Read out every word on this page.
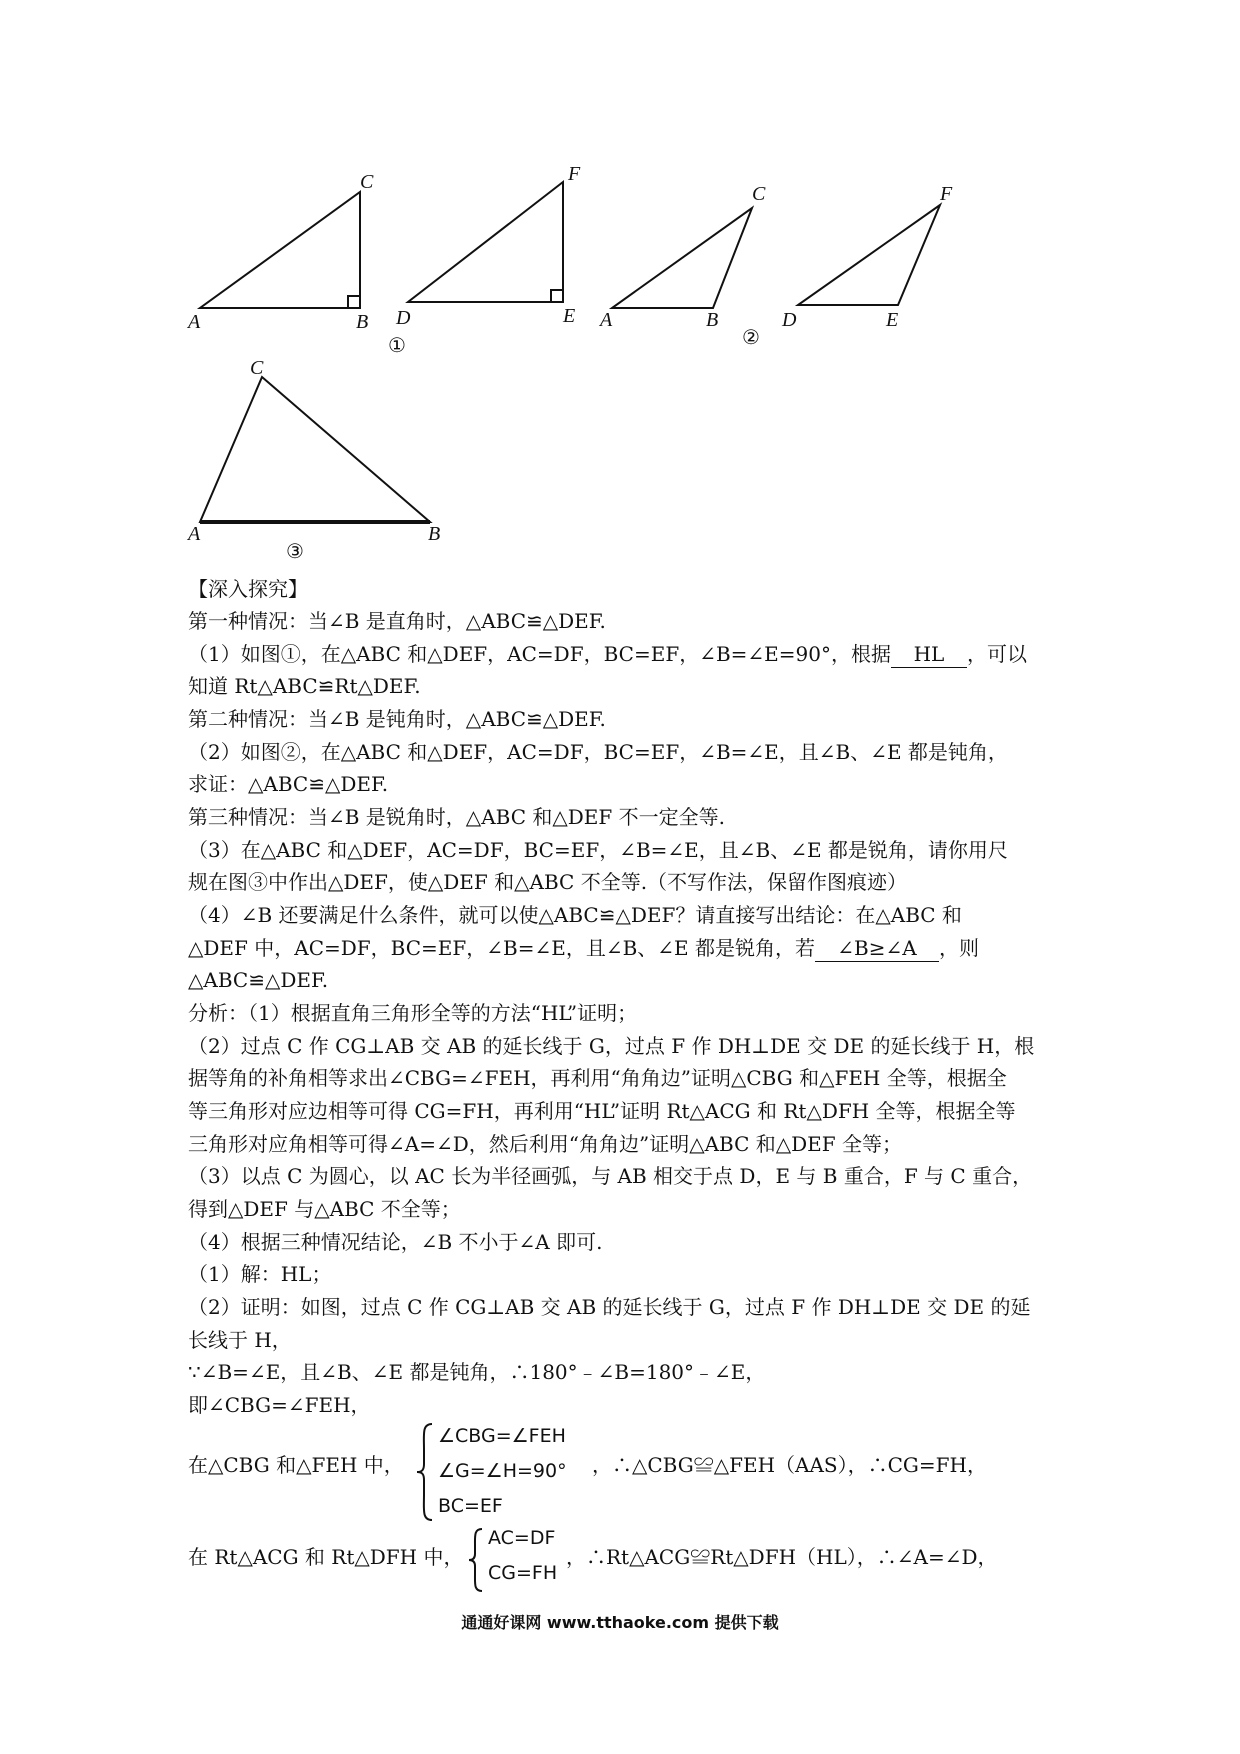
A	B
C
D	E
F
①
A	B
C
D	E
F
②
A	B
C
③
【深入探究】
第一种情况：当∠B 是直角时，△ABC≌△DEF.
（1）如图①，在△ABC 和△DEF，AC=DF，BC=EF，∠B=∠E=90°，根据 HL ，可以
知道 Rt△ABC≌Rt△DEF.
第二种情况：当∠B 是钝角时，△ABC≌△DEF.
（2）如图②，在△ABC 和△DEF，AC=DF，BC=EF，∠B=∠E，且∠B、∠E 都是钝角，
求证：△ABC≌△DEF.
第三种情况：当∠B 是锐角时，△ABC 和△DEF 不一定全等.
（3）在△ABC 和△DEF，AC=DF，BC=EF，∠B=∠E，且∠B、∠E 都是锐角，请你用尺
规在图③中作出△DEF，使△DEF 和△ABC 不全等.（不写作法，保留作图痕迹）
（4）∠B 还要满足什么条件，就可以使△ABC≌△DEF？请直接写出结论：在△ABC 和
△DEF 中，AC=DF，BC=EF，∠B=∠E，且∠B、∠E 都是锐角，若 ∠B≥∠A ，则
△ABC≌△DEF.
分析：（1）根据直角三角形全等的方法“HL”证明；
（2）过点 C 作 CG⊥AB 交 AB 的延长线于 G，过点 F 作 DH⊥DE 交 DE 的延长线于 H，根
据等角的补角相等求出∠CBG=∠FEH，再利用“角角边”证明△CBG 和△FEH 全等，根据全
等三角形对应边相等可得 CG=FH，再利用“HL”证明 Rt△ACG 和 Rt△DFH 全等，根据全等
三角形对应角相等可得∠A=∠D，然后利用“角角边”证明△ABC 和△DEF 全等；
（3）以点 C 为圆心，以 AC 长为半径画弧，与 AB 相交于点 D，E 与 B 重合，F 与 C 重合，
得到△DEF 与△ABC 不全等；
（4）根据三种情况结论，∠B 不小于∠A 即可.
（1）解：HL；
（2）证明：如图，过点 C 作 CG⊥AB 交 AB 的延长线于 G，过点 F 作 DH⊥DE 交 DE 的延
长线于 H，
∵∠B=∠E，且∠B、∠E 都是钝角，∴180°﹣∠B=180°﹣∠E，
即∠CBG=∠FEH，
在△CBG 和△FEH 中，
∠CBG=∠FEH
∠G=∠H=90°
BC=EF
，∴△CBG≌△FEH（AAS），∴CG=FH，
在 Rt△ACG 和 Rt△DFH 中，
AC=DF
CG=FH
，∴Rt△ACG≌Rt△DFH（HL），∴∠A=∠D，
通通好课网 www.tthaoke.com 提供下载
